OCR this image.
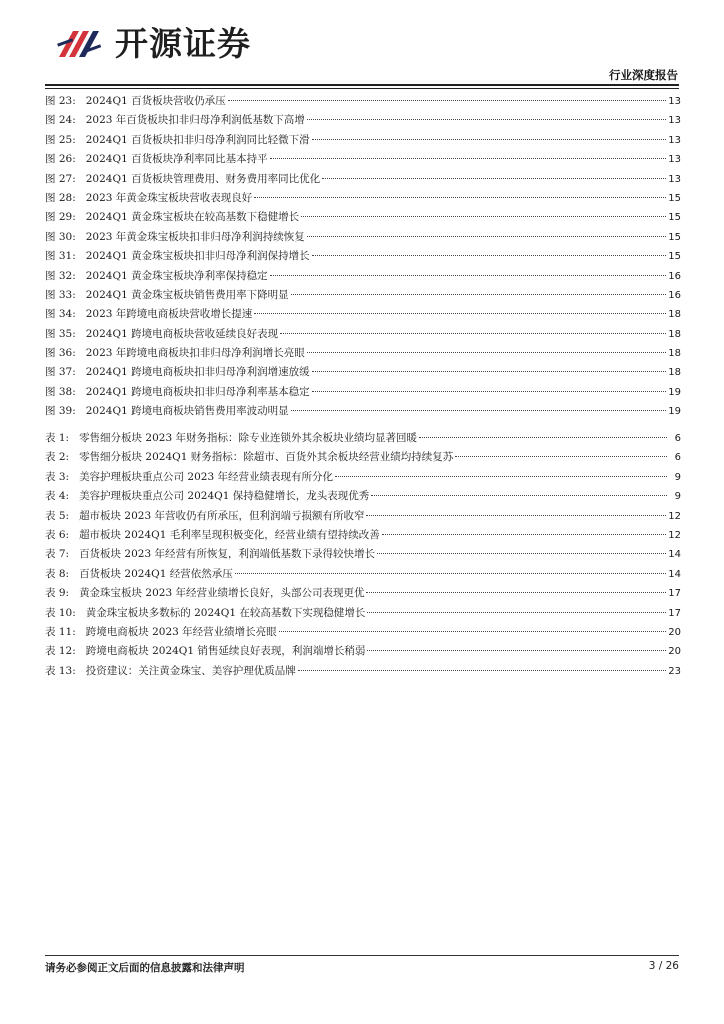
开源证券
行业深度报告
图 23: 2024Q1 百货板块营收仍承压	13
图 24: 2023 年百货板块扣非归母净利润低基数下高增	13
图 25: 2024Q1 百货板块扣非归母净利润同比轻微下滑	13
图 26: 2024Q1 百货板块净利率同比基本持平	13
图 27: 2024Q1 百货板块管理费用、财务费用率同比优化	13
图 28: 2023 年黄金珠宝板块营收表现良好	15
图 29: 2024Q1 黄金珠宝板块在较高基数下稳健增长	15
图 30: 2023 年黄金珠宝板块扣非归母净利润持续恢复	15
图 31: 2024Q1 黄金珠宝板块扣非归母净利润保持增长	15
图 32: 2024Q1 黄金珠宝板块净利率保持稳定	16
图 33: 2024Q1 黄金珠宝板块销售费用率下降明显	16
图 34: 2023 年跨境电商板块营收增长提速	18
图 35: 2024Q1 跨境电商板块营收延续良好表现	18
图 36: 2023 年跨境电商板块扣非归母净利润增长亮眼	18
图 37: 2024Q1 跨境电商板块扣非归母净利润增速放缓	18
图 38: 2024Q1 跨境电商板块扣非归母净利率基本稳定	19
图 39: 2024Q1 跨境电商板块销售费用率波动明显	19
表 1: 零售细分板块 2023 年财务指标：除专业连锁外其余板块业绩均显著回暖	6
表 2: 零售细分板块 2024Q1 财务指标：除超市、百货外其余板块经营业绩均持续复苏	6
表 3: 美容护理板块重点公司 2023 年经营业绩表现有所分化	9
表 4: 美容护理板块重点公司 2024Q1 保持稳健增长，龙头表现优秀	9
表 5: 超市板块 2023 年营收仍有所承压，但利润端亏损额有所收窄	12
表 6: 超市板块 2024Q1 毛利率呈现积极变化，经营业绩有望持续改善	12
表 7: 百货板块 2023 年经营有所恢复，利润端低基数下录得较快增长	14
表 8: 百货板块 2024Q1 经营依然承压	14
表 9: 黄金珠宝板块 2023 年经营业绩增长良好，头部公司表现更优	17
表 10: 黄金珠宝板块多数标的 2024Q1 在较高基数下实现稳健增长	17
表 11: 跨境电商板块 2023 年经营业绩增长亮眼	20
表 12: 跨境电商板块 2024Q1 销售延续良好表现，利润端增长稍弱	20
表 13: 投资建议：关注黄金珠宝、美容护理优质品牌	23
请务必参阅正文后面的信息披露和法律声明	3 / 26
